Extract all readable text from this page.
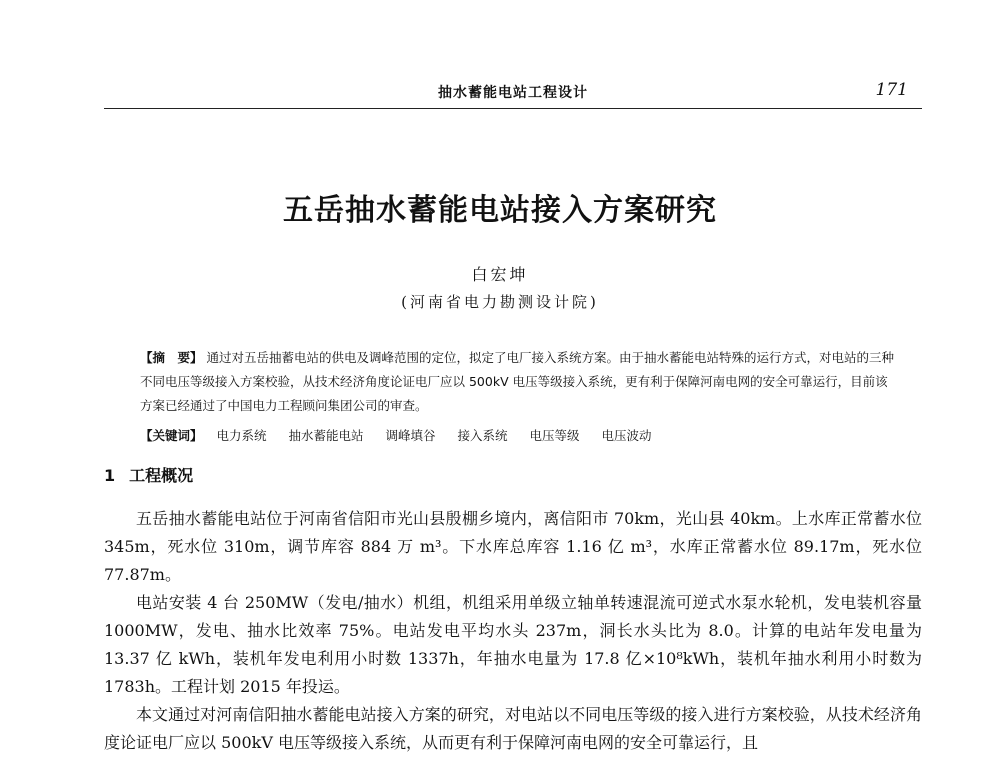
抽水蓄能电站工程设计	171
五岳抽水蓄能电站接入方案研究
白宏坤
(河南省电力勘测设计院)
【摘　要】 通过对五岳抽蓄电站的供电及调峰范围的定位，拟定了电厂接入系统方案。由于抽水蓄能电站特殊的运行方式，对电站的三种不同电压等级接入方案校验，从技术经济角度论证电厂应以 500kV 电压等级接入系统，更有利于保障河南电网的安全可靠运行，目前该方案已经通过了中国电力工程顾问集团公司的审查。
【关键词】 电力系统 抽水蓄能电站 调峰填谷 接入系统 电压等级 电压波动
1 工程概况

五岳抽水蓄能电站位于河南省信阳市光山县殷棚乡境内，离信阳市 70km，光山县 40km。上水库正常蓄水位 345m，死水位 310m，调节库容 884 万 m³。下水库总库容 1.16 亿 m³，水库正常蓄水位 89.17m，死水位 77.87m。

电站安装 4 台 250MW（发电/抽水）机组，机组采用单级立轴单转速混流可逆式水泵水轮机，发电装机容量 1000MW，发电、抽水比效率 75%。电站发电平均水头 237m，洞长水头比为 8.0。计算的电站年发电量为 13.37 亿 kWh，装机年发电利用小时数 1337h，年抽水电量为 17.8 亿×10⁸kWh，装机年抽水利用小时数为 1783h。工程计划 2015 年投运。

本文通过对河南信阳抽水蓄能电站接入方案的研究，对电站以不同电压等级的接入进行方案校验，从技术经济角度论证电厂应以 500kV 电压等级接入系统，从而更有利于保障河南电网的安全可靠运行，且
